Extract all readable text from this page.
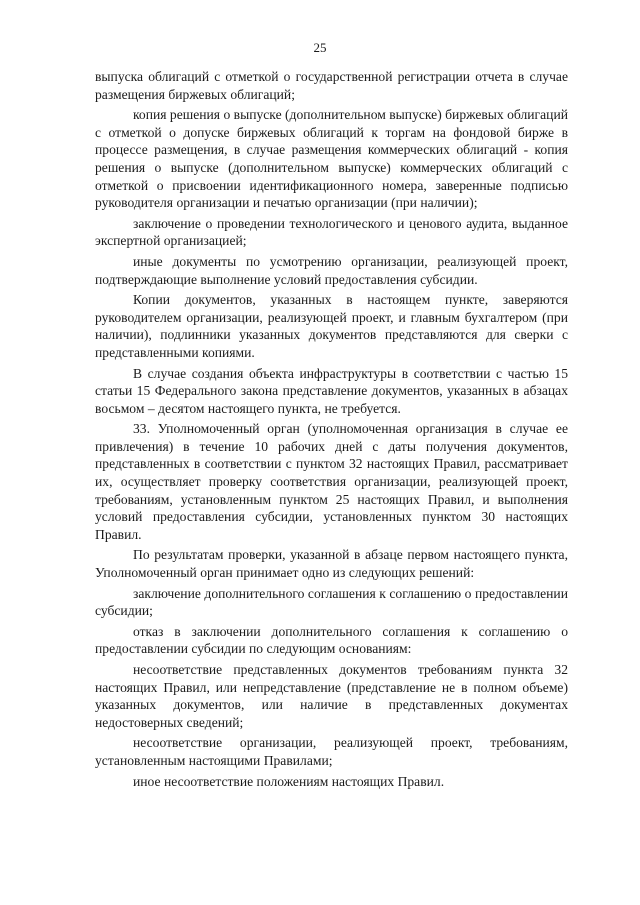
25

выпуска облигаций с отметкой о государственной регистрации отчета в случае размещения биржевых облигаций;

копия решения о выпуске (дополнительном выпуске) биржевых облигаций с отметкой о допуске биржевых облигаций к торгам на фондовой бирже в процессе размещения, в случае размещения коммерческих облигаций - копия решения о выпуске (дополнительном выпуске) коммерческих облигаций с отметкой о присвоении идентификационного номера, заверенные подписью руководителя организации и печатью организации (при наличии);

заключение о проведении технологического и ценового аудита, выданное экспертной организацией;

иные документы по усмотрению организации, реализующей проект, подтверждающие выполнение условий предоставления субсидии.

Копии документов, указанных в настоящем пункте, заверяются руководителем организации, реализующей проект, и главным бухгалтером (при наличии), подлинники указанных документов представляются для сверки с представленными копиями.

В случае создания объекта инфраструктуры в соответствии с частью 15 статьи 15 Федерального закона представление документов, указанных в абзацах восьмом – десятом настоящего пункта, не требуется.

33. Уполномоченный орган (уполномоченная организация в случае ее привлечения) в течение 10 рабочих дней с даты получения документов, представленных в соответствии с пунктом 32 настоящих Правил, рассматривает их, осуществляет проверку соответствия организации, реализующей проект, требованиям, установленным пунктом 25 настоящих Правил, и выполнения условий предоставления субсидии, установленных пунктом 30 настоящих Правил.

По результатам проверки, указанной в абзаце первом настоящего пункта, Уполномоченный орган принимает одно из следующих решений:

заключение дополнительного соглашения к соглашению о предоставлении субсидии;

отказ в заключении дополнительного соглашения к соглашению о предоставлении субсидии по следующим основаниям:

несоответствие представленных документов требованиям пункта 32 настоящих Правил, или непредставление (представление не в полном объеме) указанных документов, или наличие в представленных документах недостоверных сведений;

несоответствие организации, реализующей проект, требованиям, установленным настоящими Правилами;

иное несоответствие положениям настоящих Правил.
